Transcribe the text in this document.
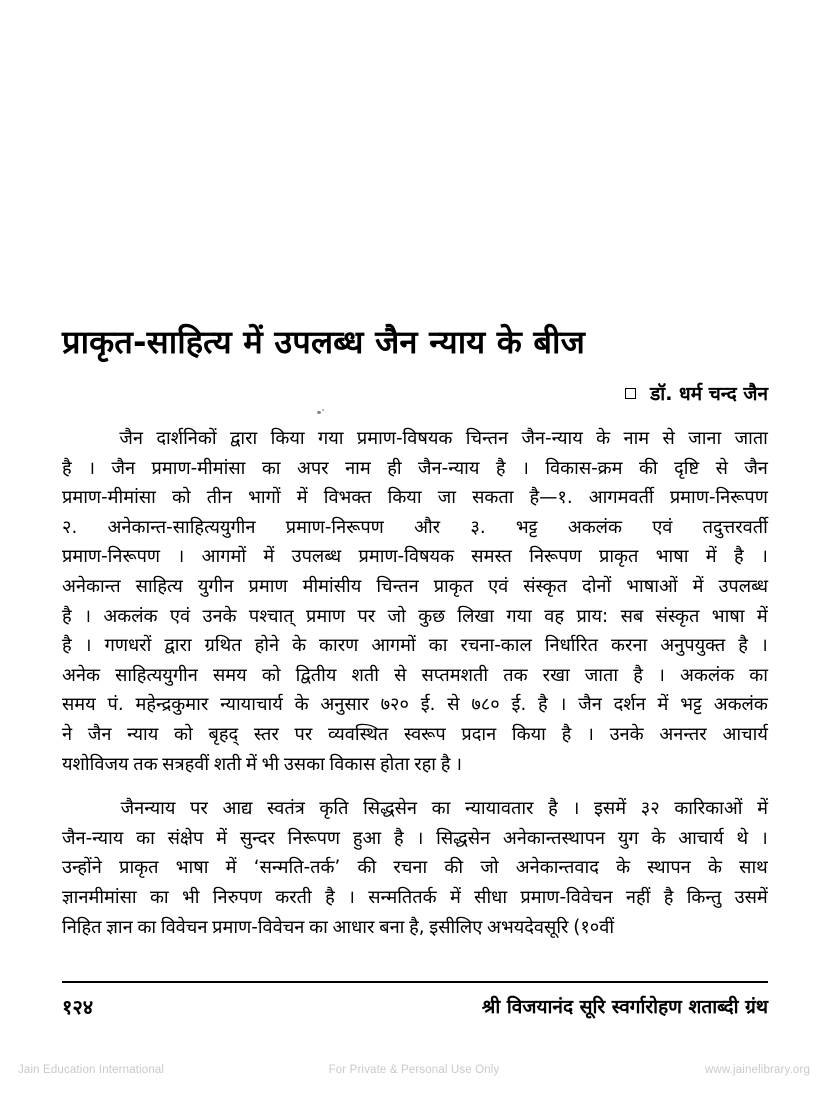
प्राकृत-साहित्य में उपलब्ध जैन न्याय के बीज
डॉ. धर्म चन्द जैन
जैन दार्शनिकों द्वारा किया गया प्रमाण-विषयक चिन्तन जैन-न्याय के नाम से जाना जाता
है । जैन प्रमाण-मीमांसा का अपर नाम ही जैन-न्याय है । विकास-क्रम की दृष्टि से जैन
प्रमाण-मीमांसा को तीन भागों में विभक्त किया जा सकता है—१. आगमवर्ती प्रमाण-निरूपण
२. अनेकान्त-साहित्ययुगीन प्रमाण-निरूपण और ३. भट्ट अकलंक एवं तदुत्तरवर्ती
प्रमाण-निरूपण । आगमों में उपलब्ध प्रमाण-विषयक समस्त निरूपण प्राकृत भाषा में है ।
अनेकान्त साहित्य युगीन प्रमाण मीमांसीय चिन्तन प्राकृत एवं संस्कृत दोनों भाषाओं में उपलब्ध
है । अकलंक एवं उनके पश्चात् प्रमाण पर जो कुछ लिखा गया वह प्राय: सब संस्कृत भाषा में
है । गणधरों द्वारा ग्रथित होने के कारण आगमों का रचना-काल निर्धारित करना अनुपयुक्त है ।
अनेक साहित्ययुगीन समय को द्वितीय शती से सप्तमशती तक रखा जाता है । अकलंक का
समय पं. महेन्द्रकुमार न्यायाचार्य के अनुसार ७२० ई. से ७८० ई. है । जैन दर्शन में भट्ट अकलंक
ने जैन न्याय को बृहद् स्तर पर व्यवस्थित स्वरूप प्रदान किया है । उनके अनन्तर आचार्य
यशोविजय तक सत्रहवीं शती में भी उसका विकास होता रहा है ।
जैनन्याय पर आद्य स्वतंत्र कृति सिद्धसेन का न्यायावतार है । इसमें ३२ कारिकाओं में
जैन-न्याय का संक्षेप में सुन्दर निरूपण हुआ है । सिद्धसेन अनेकान्तस्थापन युग के आचार्य थे ।
उन्होंने प्राकृत भाषा में ‘सन्मति-तर्क’ की रचना की जो अनेकान्तवाद के स्थापन के साथ
ज्ञानमीमांसा का भी निरुपण करती है । सन्मतितर्क में सीधा प्रमाण-विवेचन नहीं है किन्तु उसमें
निहित ज्ञान का विवेचन प्रमाण-विवेचन का आधार बना है, इसीलिए अभयदेवसूरि (१०वीं
१२४	श्री विजयानंद सूरि स्वर्गारोहण शताब्दी ग्रंथ
Jain Education International	For Private & Personal Use Only	www.jainelibrary.org
